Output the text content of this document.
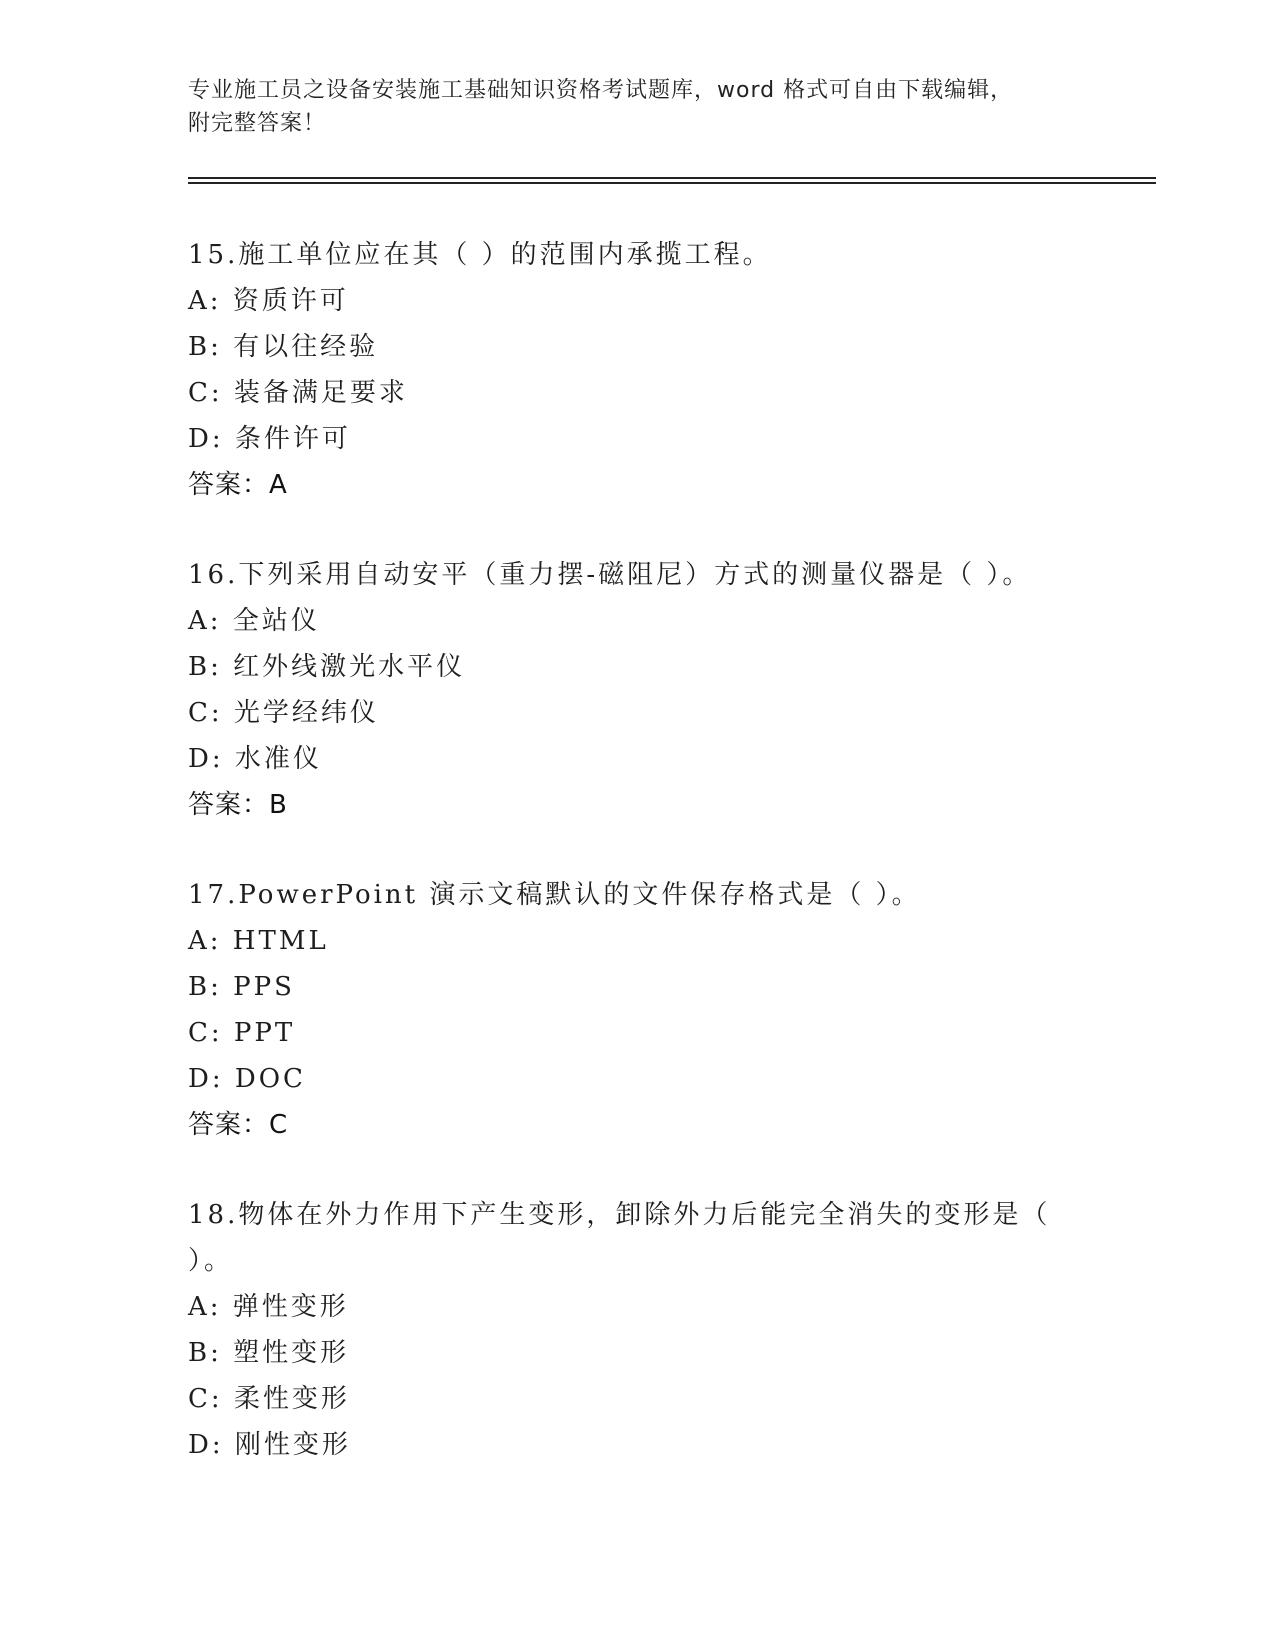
专业施工员之设备安装施工基础知识资格考试题库，word 格式可自由下载编辑，
附完整答案！
15.施工单位应在其（ ）的范围内承揽工程。
A: 资质许可
B: 有以往经验
C: 装备满足要求
D: 条件许可
答案：A
16.下列采用自动安平（重力摆-磁阻尼）方式的测量仪器是（ ）。
A: 全站仪
B: 红外线激光水平仪
C: 光学经纬仪
D: 水准仪
答案：B
17.PowerPoint 演示文稿默认的文件保存格式是（ ）。
A: HTML
B: PPS
C: PPT
D: DOC
答案：C
18.物体在外力作用下产生变形，卸除外力后能完全消失的变形是（
）。
A: 弹性变形
B: 塑性变形
C: 柔性变形
D: 刚性变形
